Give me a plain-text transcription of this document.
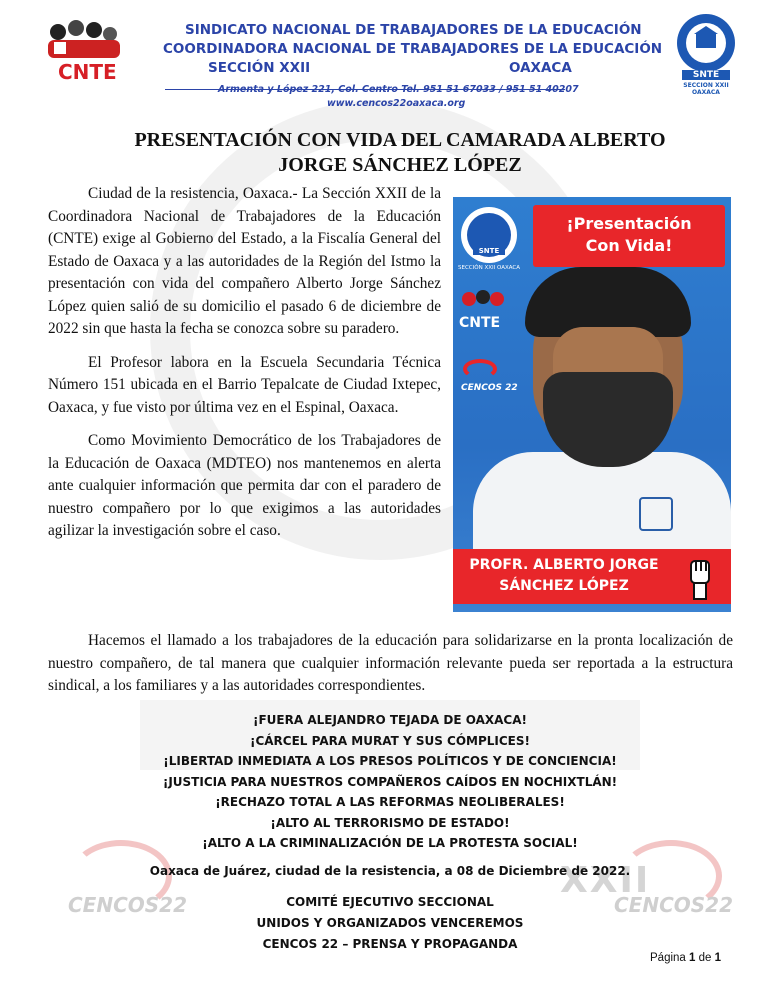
CENCOS22	CENCOS22
XXII
CNTE
SINDICATO NACIONAL DE TRABAJADORES DE LA EDUCACIÓN
COORDINADORA NACIONAL DE TRABAJADORES DE LA EDUCACIÓN
SECCIÓN XXII	OAXACA
Armenta y López 221, Col. Centro Tel. 951 51 67033 / 951 51 40207
www.cencos22oaxaca.org
SNTE
SECCION XXII
OAXACA
PRESENTACIÓN CON VIDA DEL CAMARADA ALBERTO
JORGE SÁNCHEZ LÓPEZ

Ciudad de la resistencia, Oaxaca.- La Sección XXII de la Coordinadora Nacional de Trabajadores de la Educación (CNTE) exige al Gobierno del Estado, a la Fiscalía General del Estado de Oaxaca y a las autoridades de la Región del Istmo la presentación con vida del compañero Alberto Jorge Sánchez López quien salió de su domicilio el pasado 6 de diciembre de 2022 sin que hasta la fecha se conozca sobre su paradero.

El Profesor labora en la Escuela Secundaria Técnica Número 151 ubicada en el Barrio Tepalcate de Ciudad Ixtepec, Oaxaca, y fue visto por última vez en el Espinal, Oaxaca.

Como Movimiento Democrático de los Trabajadores de la Educación de Oaxaca (MDTEO) nos mantenemos en alerta ante cualquier información que permita dar con el paradero de nuestro compañero por lo que exigimos a las autoridades agilizar la investigación sobre el caso.

SNTE
SECCIÓN XXII OAXACA
¡Presentación
Con Vida!
CNTE
CENCOS 22
PROFR. ALBERTO JORGE
SÁNCHEZ LÓPEZ

Hacemos el llamado a los trabajadores de la educación para solidarizarse en la pronta localización de nuestro compañero, de tal manera que cualquier información relevante pueda ser reportada a la estructura sindical, a los familiares y a las autoridades correspondientes.

¡FUERA ALEJANDRO TEJADA DE OAXACA!
¡CÁRCEL PARA MURAT Y SUS CÓMPLICES!
¡LIBERTAD INMEDIATA A LOS PRESOS POLÍTICOS Y DE CONCIENCIA!
¡JUSTICIA PARA NUESTROS COMPAÑEROS CAÍDOS EN NOCHIXTLÁN!
¡RECHAZO TOTAL A LAS REFORMAS NEOLIBERALES!
¡ALTO AL TERRORISMO DE ESTADO!
¡ALTO A LA CRIMINALIZACIÓN DE LA PROTESTA SOCIAL!
Oaxaca de Juárez, ciudad de la resistencia, a 08 de Diciembre de 2022.
COMITÉ EJECUTIVO SECCIONAL
UNIDOS Y ORGANIZADOS VENCEREMOS
CENCOS 22 – PRENSA Y PROPAGANDA
Página 1 de 1
